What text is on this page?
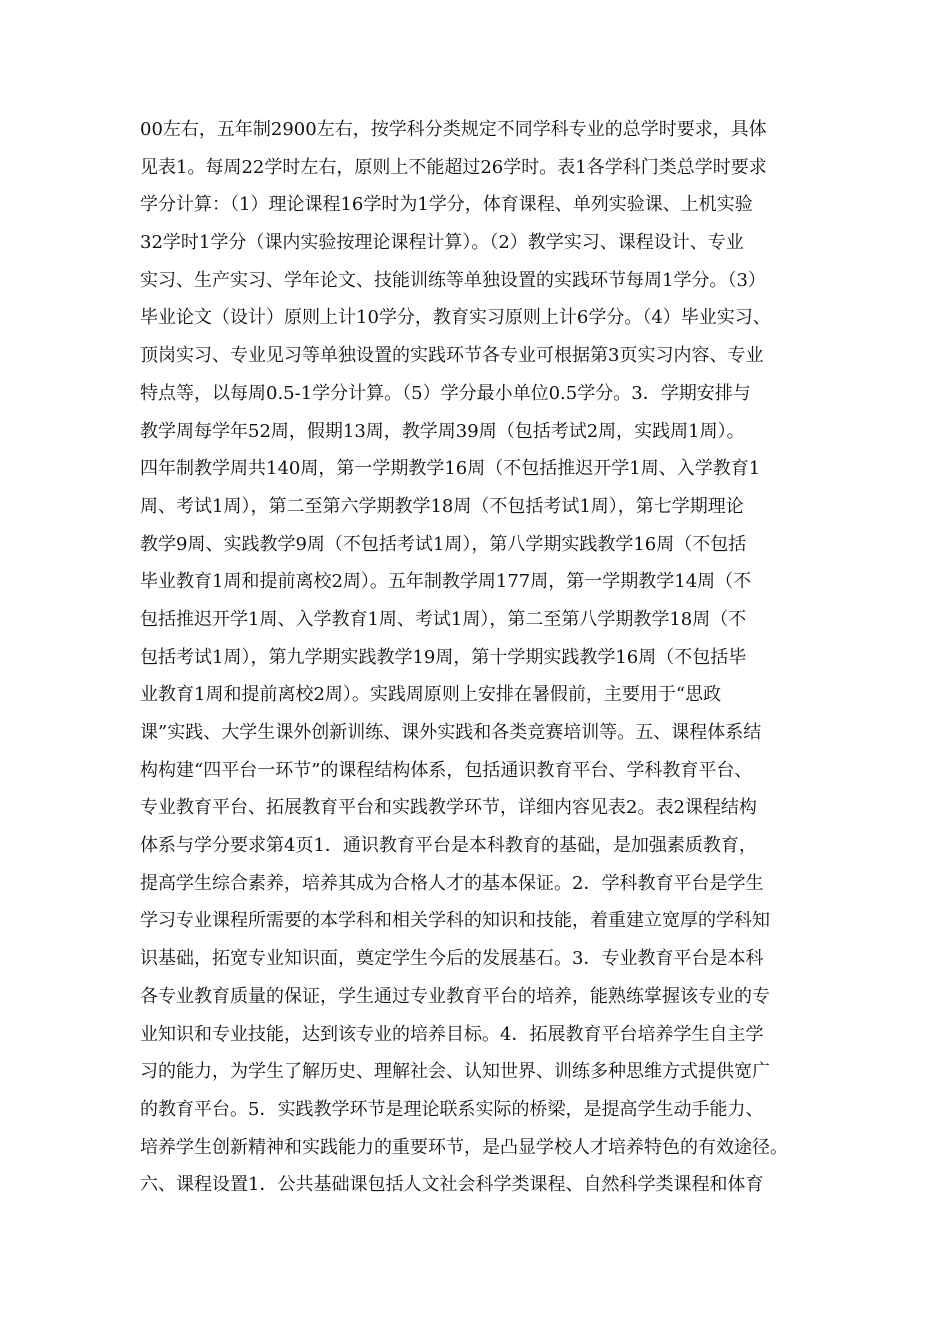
00左右，五年制2900左右，按学科分类规定不同学科专业的总学时要求，具体
见表1。每周22学时左右，原则上不能超过26学时。表1各学科门类总学时要求
学分计算：（1）理论课程16学时为1学分，体育课程、单列实验课、上机实验
32学时1学分（课内实验按理论课程计算）。（2）教学实习、课程设计、专业
实习、生产实习、学年论文、技能训练等单独设置的实践环节每周1学分。（3）
毕业论文（设计）原则上计10学分，教育实习原则上计6学分。（4）毕业实习、
顶岗实习、专业见习等单独设置的实践环节各专业可根据第3页实习内容、专业
特点等，以每周0.5-1学分计算。（5）学分最小单位0.5学分。3．学期安排与
教学周每学年52周，假期13周，教学周39周（包括考试2周，实践周1周）。
四年制教学周共140周，第一学期教学16周（不包括推迟开学1周、入学教育1
周、考试1周），第二至第六学期教学18周（不包括考试1周），第七学期理论
教学9周、实践教学9周（不包括考试1周），第八学期实践教学16周（不包括
毕业教育1周和提前离校2周）。五年制教学周177周，第一学期教学14周（不
包括推迟开学1周、入学教育1周、考试1周），第二至第八学期教学18周（不
包括考试1周），第九学期实践教学19周，第十学期实践教学16周（不包括毕
业教育1周和提前离校2周）。实践周原则上安排在暑假前，主要用于“思政
课”实践、大学生课外创新训练、课外实践和各类竞赛培训等。五、课程体系结
构构建“四平台一环节”的课程结构体系，包括通识教育平台、学科教育平台、
专业教育平台、拓展教育平台和实践教学环节，详细内容见表2。表2课程结构
体系与学分要求第4页1．通识教育平台是本科教育的基础，是加强素质教育，
提高学生综合素养，培养其成为合格人才的基本保证。2．学科教育平台是学生
学习专业课程所需要的本学科和相关学科的知识和技能，着重建立宽厚的学科知
识基础，拓宽专业知识面，奠定学生今后的发展基石。3．专业教育平台是本科
各专业教育质量的保证，学生通过专业教育平台的培养，能熟练掌握该专业的专
业知识和专业技能，达到该专业的培养目标。4．拓展教育平台培养学生自主学
习的能力，为学生了解历史、理解社会、认知世界、训练多种思维方式提供宽广
的教育平台。5．实践教学环节是理论联系实际的桥梁，是提高学生动手能力、
培养学生创新精神和实践能力的重要环节，是凸显学校人才培养特色的有效途径。
六、课程设置1．公共基础课包括人文社会科学类课程、自然科学类课程和体育
